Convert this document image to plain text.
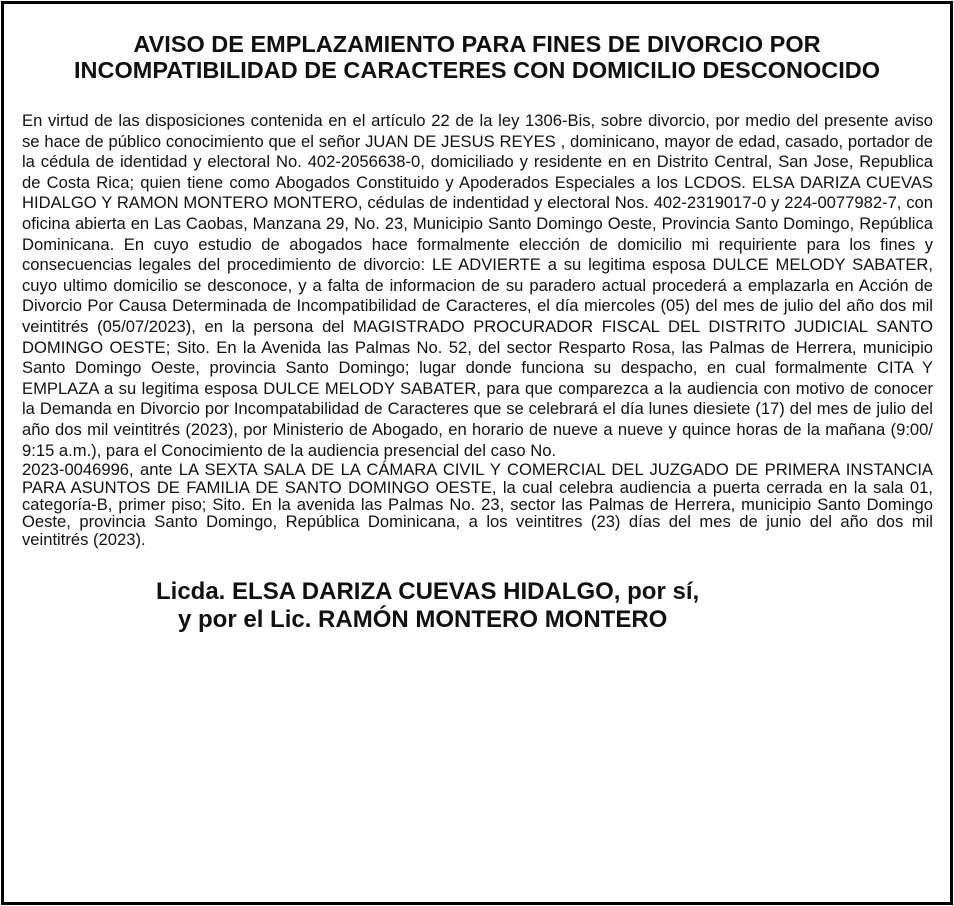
AVISO DE EMPLAZAMIENTO PARA FINES DE DIVORCIO POR INCOMPATIBILIDAD DE CARACTERES CON DOMICILIO DESCONOCIDO
En virtud de las disposiciones contenida en el artículo 22 de la ley 1306-Bis, sobre divorcio, por medio del presente aviso se hace de público conocimiento que el señor JUAN DE JESUS REYES , dominicano, mayor de edad, casado, portador de la cédula de identidad y electoral No. 402-2056638-0, domiciliado y residente en en Distrito Central, San Jose, Republica de Costa Rica; quien tiene como Abogados Constituido y Apoderados Especiales a los LCDOS. ELSA DARIZA CUEVAS HIDALGO Y RAMON MONTERO MONTERO, cédulas de indentidad y electoral Nos. 402-2319017-0 y 224-0077982-7, con oficina abierta en Las Caobas, Manzana 29, No. 23, Municipio Santo Domingo Oeste, Provincia Santo Domingo, República Dominicana. En cuyo estudio de abogados hace formalmente elección de domicilio mi requiriente para los fines y consecuencias legales del procedimiento de divorcio: LE ADVIERTE a su legitima esposa DULCE MELODY SABATER, cuyo ultimo domicilio se desconoce, y a falta de informacion de su paradero actual procederá a emplazarla en Acción de Divorcio Por Causa Determinada de Incompatibilidad de Caracteres, el día miercoles (05) del mes de julio del año dos mil veintitrés (05/07/2023), en la persona del MAGISTRADO PROCURADOR FISCAL DEL DISTRITO JUDICIAL SANTO DOMINGO OESTE; Sito. En la Avenida las Palmas No. 52, del sector Resparto Rosa, las Palmas de Herrera, municipio Santo Domingo Oeste, provincia Santo Domingo; lugar donde funciona su despacho, en cual formalmente CITA Y EMPLAZA a su legitima esposa DULCE MELODY SABATER, para que comparezca a la audiencia con motivo de conocer la Demanda en Divorcio por Incompatabilidad de Caracteres que se celebrará el día lunes diesiete (17) del mes de julio del año dos mil veintitrés (2023), por Ministerio de Abogado, en horario de nueve a nueve y quince horas de la mañana (9:00/ 9:15 a.m.), para el Conocimiento de la audiencia presencial del caso No.
2023-0046996, ante LA SEXTA SALA DE LA CÁMARA CIVIL Y COMERCIAL DEL JUZGADO DE PRIMERA INSTANCIA PARA ASUNTOS DE FAMILIA DE SANTO DOMINGO OESTE, la cual celebra audiencia a puerta cerrada en la sala 01, categoría-B, primer piso; Sito. En la avenida las Palmas No. 23, sector las Palmas de Herrera, municipio Santo Domingo Oeste, provincia Santo Domingo, República Dominicana, a los veintitres (23) días del mes de junio del año dos mil veintitrés (2023).
Licda. ELSA DARIZA CUEVAS HIDALGO, por sí,
y por el Lic. RAMÓN MONTERO MONTERO
